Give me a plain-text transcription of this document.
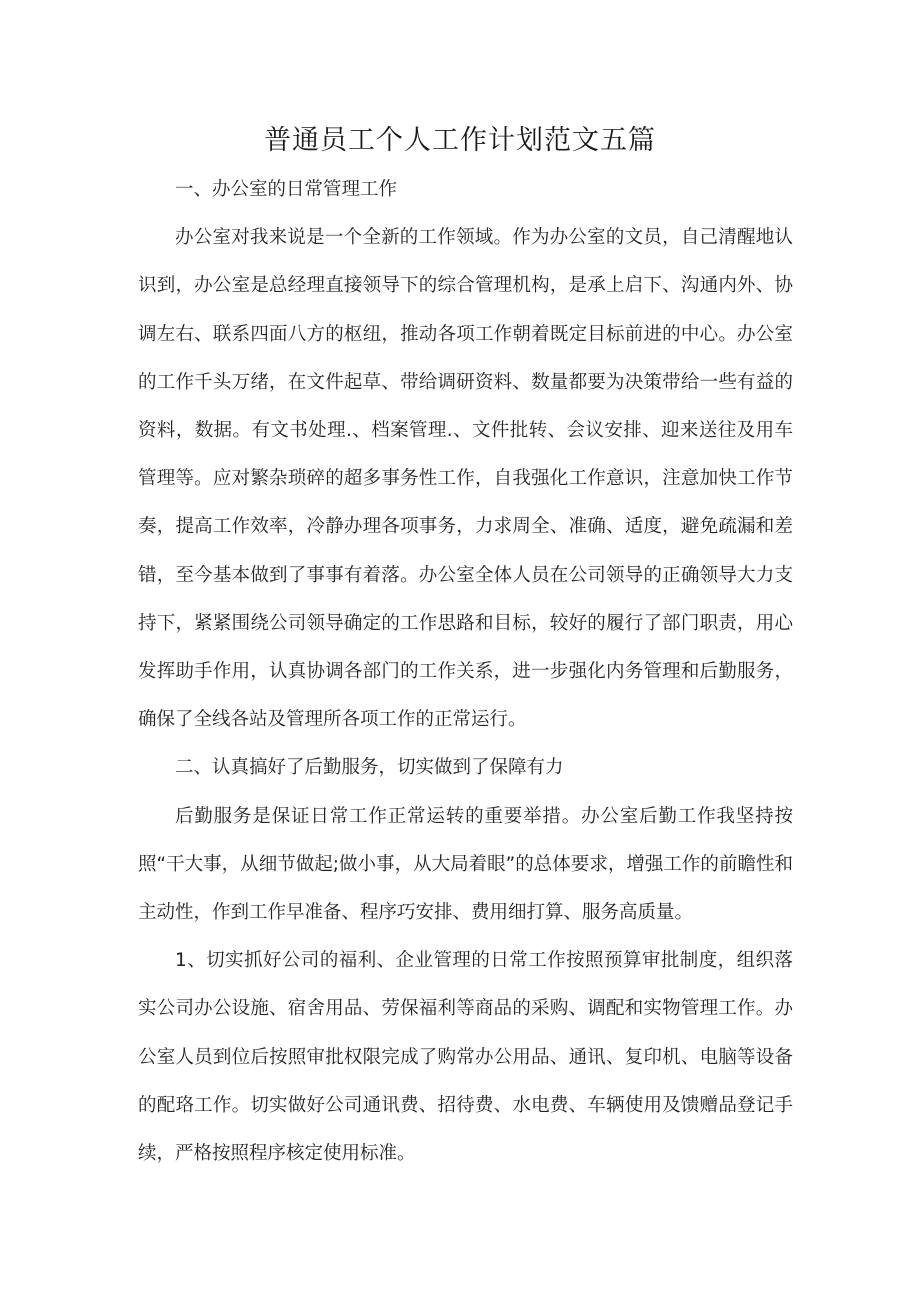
普通员工个人工作计划范文五篇

一、办公室的日常管理工作

办公室对我来说是一个全新的工作领域。作为办公室的文员，自己清醒地认识到，办公室是总经理直接领导下的综合管理机构，是承上启下、沟通内外、协调左右、联系四面八方的枢纽，推动各项工作朝着既定目标前进的中心。办公室的工作千头万绪，在文件起草、带给调研资料、数量都要为决策带给一些有益的资料，数据。有文书处理.、档案管理.、文件批转、会议安排、迎来送往及用车管理等。应对繁杂琐碎的超多事务性工作，自我强化工作意识，注意加快工作节奏，提高工作效率，冷静办理各项事务，力求周全、准确、适度，避免疏漏和差错，至今基本做到了事事有着落。办公室全体人员在公司领导的正确领导大力支持下，紧紧围绕公司领导确定的工作思路和目标，较好的履行了部门职责，用心发挥助手作用，认真协调各部门的工作关系，进一步强化内务管理和后勤服务，确保了全线各站及管理所各项工作的正常运行。

二、认真搞好了后勤服务，切实做到了保障有力

后勤服务是保证日常工作正常运转的重要举措。办公室后勤工作我坚持按照“干大事，从细节做起;做小事，从大局着眼”的总体要求，增强工作的前瞻性和主动性，作到工作早准备、程序巧安排、费用细打算、服务高质量。

1、切实抓好公司的福利、企业管理的日常工作按照预算审批制度，组织落实公司办公设施、宿舍用品、劳保福利等商品的采购、调配和实物管理工作。办公室人员到位后按照审批权限完成了购常办公用品、通讯、复印机、电脑等设备的配珞工作。切实做好公司通讯费、招待费、水电费、车辆使用及馈赠品登记手续，严格按照程序核定使用标准。
